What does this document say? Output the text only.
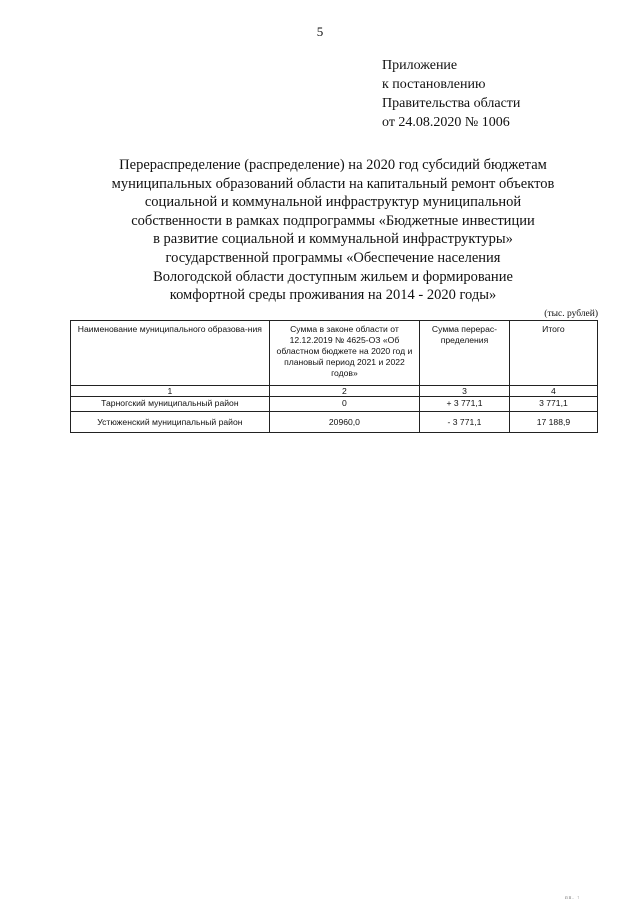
5
Приложение
к постановлению
Правительства области
от 24.08.2020 № 1006
Перераспределение (распределение) на 2020 год субсидий бюджетам
муниципальных образований области на капитальный ремонт объектов
социальной и коммунальной инфраструктур муниципальной
собственности в рамках подпрограммы «Бюджетные инвестиции
в развитие социальной и коммунальной инфраструктуры»
государственной программы «Обеспечение населения
Вологодской области доступным жильем и формирование
комфортной среды проживания на 2014 - 2020 годы»
(тыс. рублей)
Наименование муниципального образова-ния	Сумма в законе области от 12.12.2019 № 4625-ОЗ «Об областном бюджете на 2020 год и плановый период 2021 и 2022 годов»	Сумма перерас-пределения	Итого
1	2	3	4
Тарногский муниципальный район	0	+ 3 771,1	3 771,1
Устюженский муниципальный район	20960,0	- 3 771,1	17 188,9
пп. ↑
